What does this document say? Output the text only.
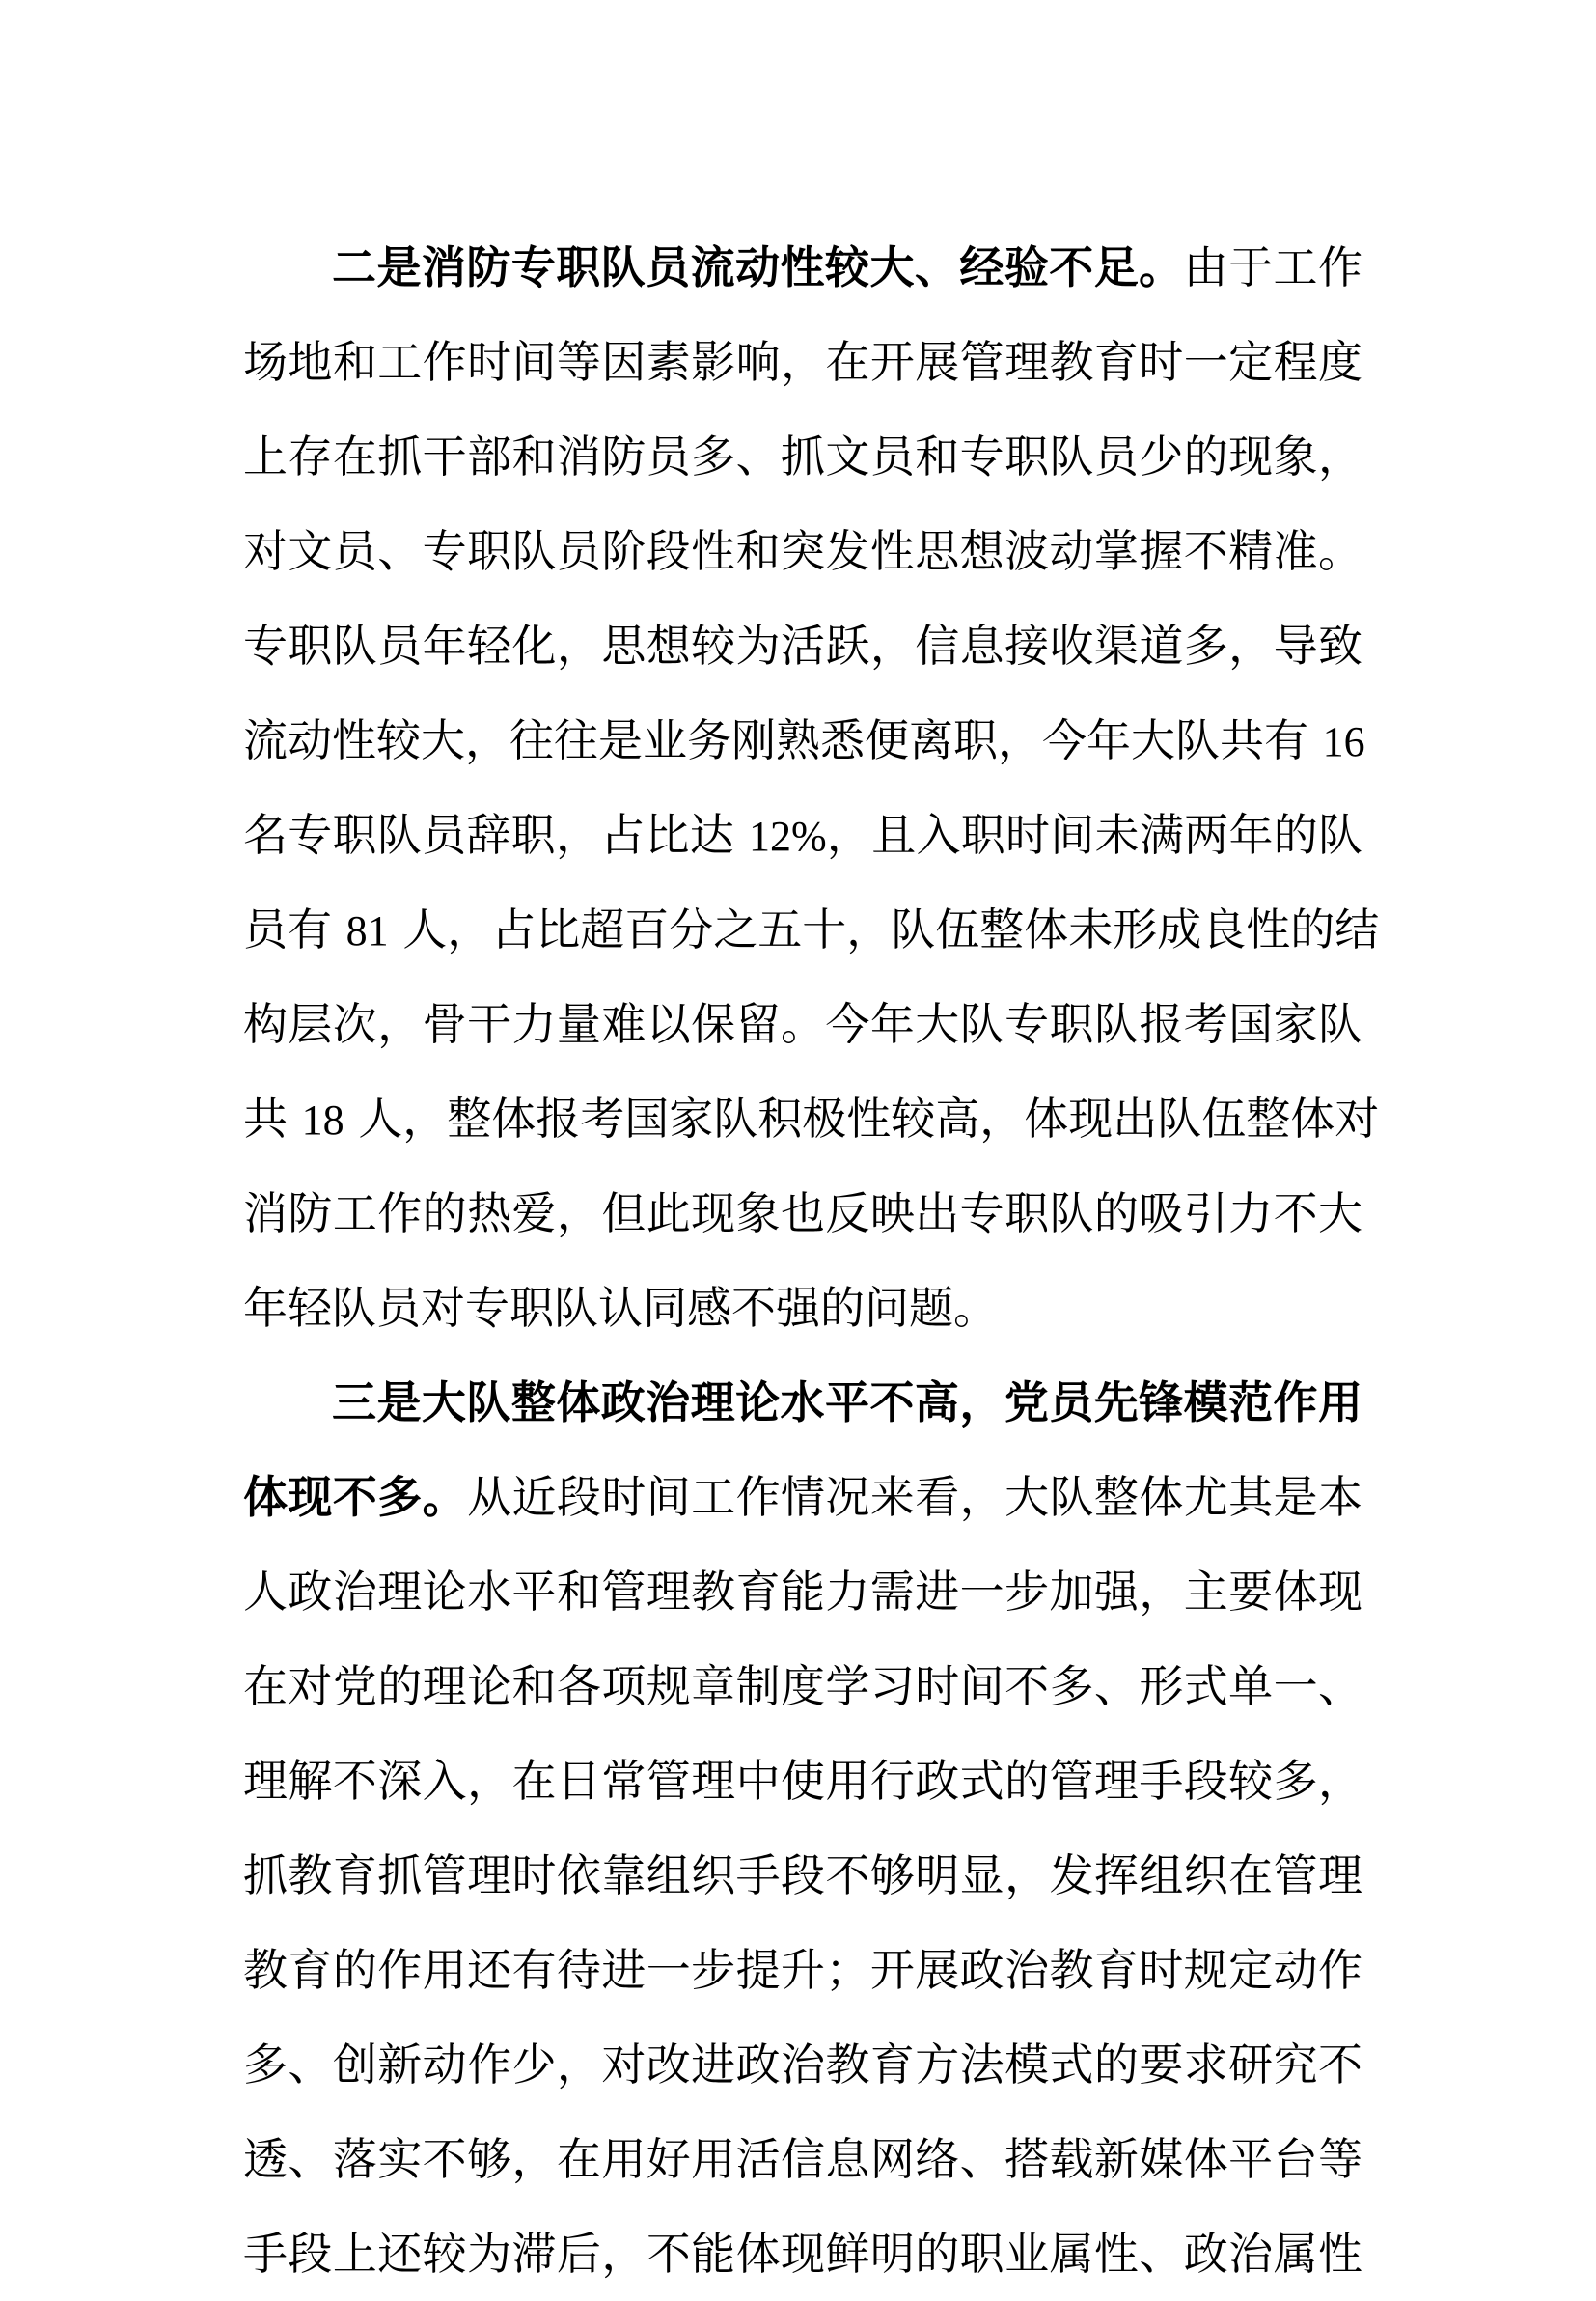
二是消防专职队员流动性较大、经验不足。由于工作
场地和工作时间等因素影响，在开展管理教育时一定程度
上存在抓干部和消防员多、抓文员和专职队员少的现象，
对文员、专职队员阶段性和突发性思想波动掌握不精准。
专职队员年轻化，思想较为活跃，信息接收渠道多，导致
流动性较大，往往是业务刚熟悉便离职，今年大队共有 16
名专职队员辞职，占比达 12%，且入职时间未满两年的队
员有 81 人，占比超百分之五十，队伍整体未形成良性的结
构层次，骨干力量难以保留。今年大队专职队报考国家队
共 18 人，整体报考国家队积极性较高，体现出队伍整体对
消防工作的热爱，但此现象也反映出专职队的吸引力不大
年轻队员对专职队认同感不强的问题。
三是大队整体政治理论水平不高，党员先锋模范作用
体现不多。从近段时间工作情况来看，大队整体尤其是本
人政治理论水平和管理教育能力需进一步加强，主要体现
在对党的理论和各项规章制度学习时间不多、形式单一、
理解不深入，在日常管理中使用行政式的管理手段较多，
抓教育抓管理时依靠组织手段不够明显，发挥组织在管理
教育的作用还有待进一步提升；开展政治教育时规定动作
多、创新动作少，对改进政治教育方法模式的要求研究不
透、落实不够，在用好用活信息网络、搭载新媒体平台等
手段上还较为滞后，不能体现鲜明的职业属性、政治属性
